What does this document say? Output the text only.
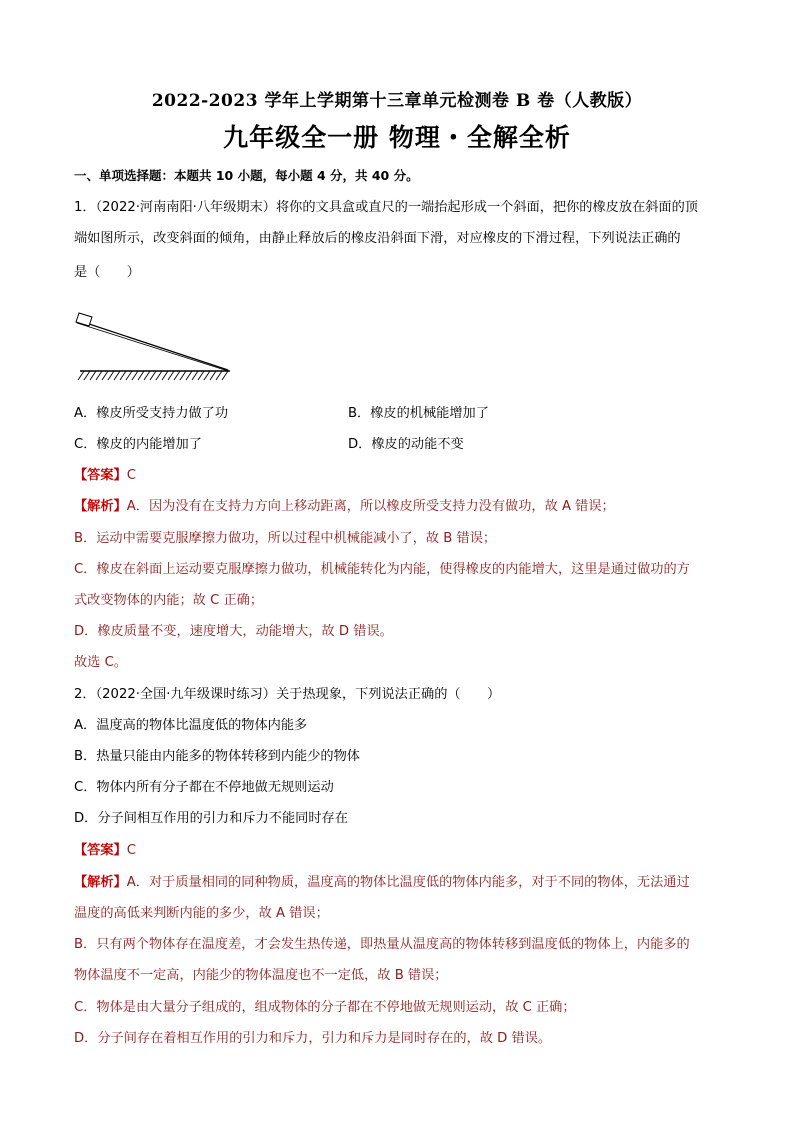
2022-2023 学年上学期第十三章单元检测卷 B 卷（人教版）
九年级全一册 物理・全解全析
一、单项选择题：本题共 10 小题，每小题 4 分，共 40 分。
1．（2022·河南南阳·八年级期末）将你的文具盒或直尺的一端抬起形成一个斜面，把你的橡皮放在斜面的顶
端如图所示，改变斜面的倾角，由静止释放后的橡皮沿斜面下滑，对应橡皮的下滑过程，下列说法正确的
是（　　）
A．橡皮所受支持力做了功	B．橡皮的机械能增加了
C．橡皮的内能增加了	D．橡皮的动能不变
【答案】C
【解析】A．因为没有在支持力方向上移动距离，所以橡皮所受支持力没有做功，故 A 错误；
B．运动中需要克服摩擦力做功，所以过程中机械能减小了，故 B 错误；
C．橡皮在斜面上运动要克服摩擦力做功，机械能转化为内能，使得橡皮的内能增大，这里是通过做功的方
式改变物体的内能；故 C 正确；
D．橡皮质量不变，速度增大，动能增大，故 D 错误。
故选 C。
2．（2022·全国·九年级课时练习）关于热现象，下列说法正确的（　　）
A．温度高的物体比温度低的物体内能多
B．热量只能由内能多的物体转移到内能少的物体
C．物体内所有分子都在不停地做无规则运动
D．分子间相互作用的引力和斥力不能同时存在
【答案】C
【解析】A．对于质量相同的同种物质，温度高的物体比温度低的物体内能多，对于不同的物体，无法通过
温度的高低来判断内能的多少，故 A 错误；
B．只有两个物体存在温度差，才会发生热传递，即热量从温度高的物体转移到温度低的物体上，内能多的
物体温度不一定高，内能少的物体温度也不一定低，故 B 错误；
C．物体是由大量分子组成的，组成物体的分子都在不停地做无规则运动，故 C 正确；
D．分子间存在着相互作用的引力和斥力，引力和斥力是同时存在的，故 D 错误。
